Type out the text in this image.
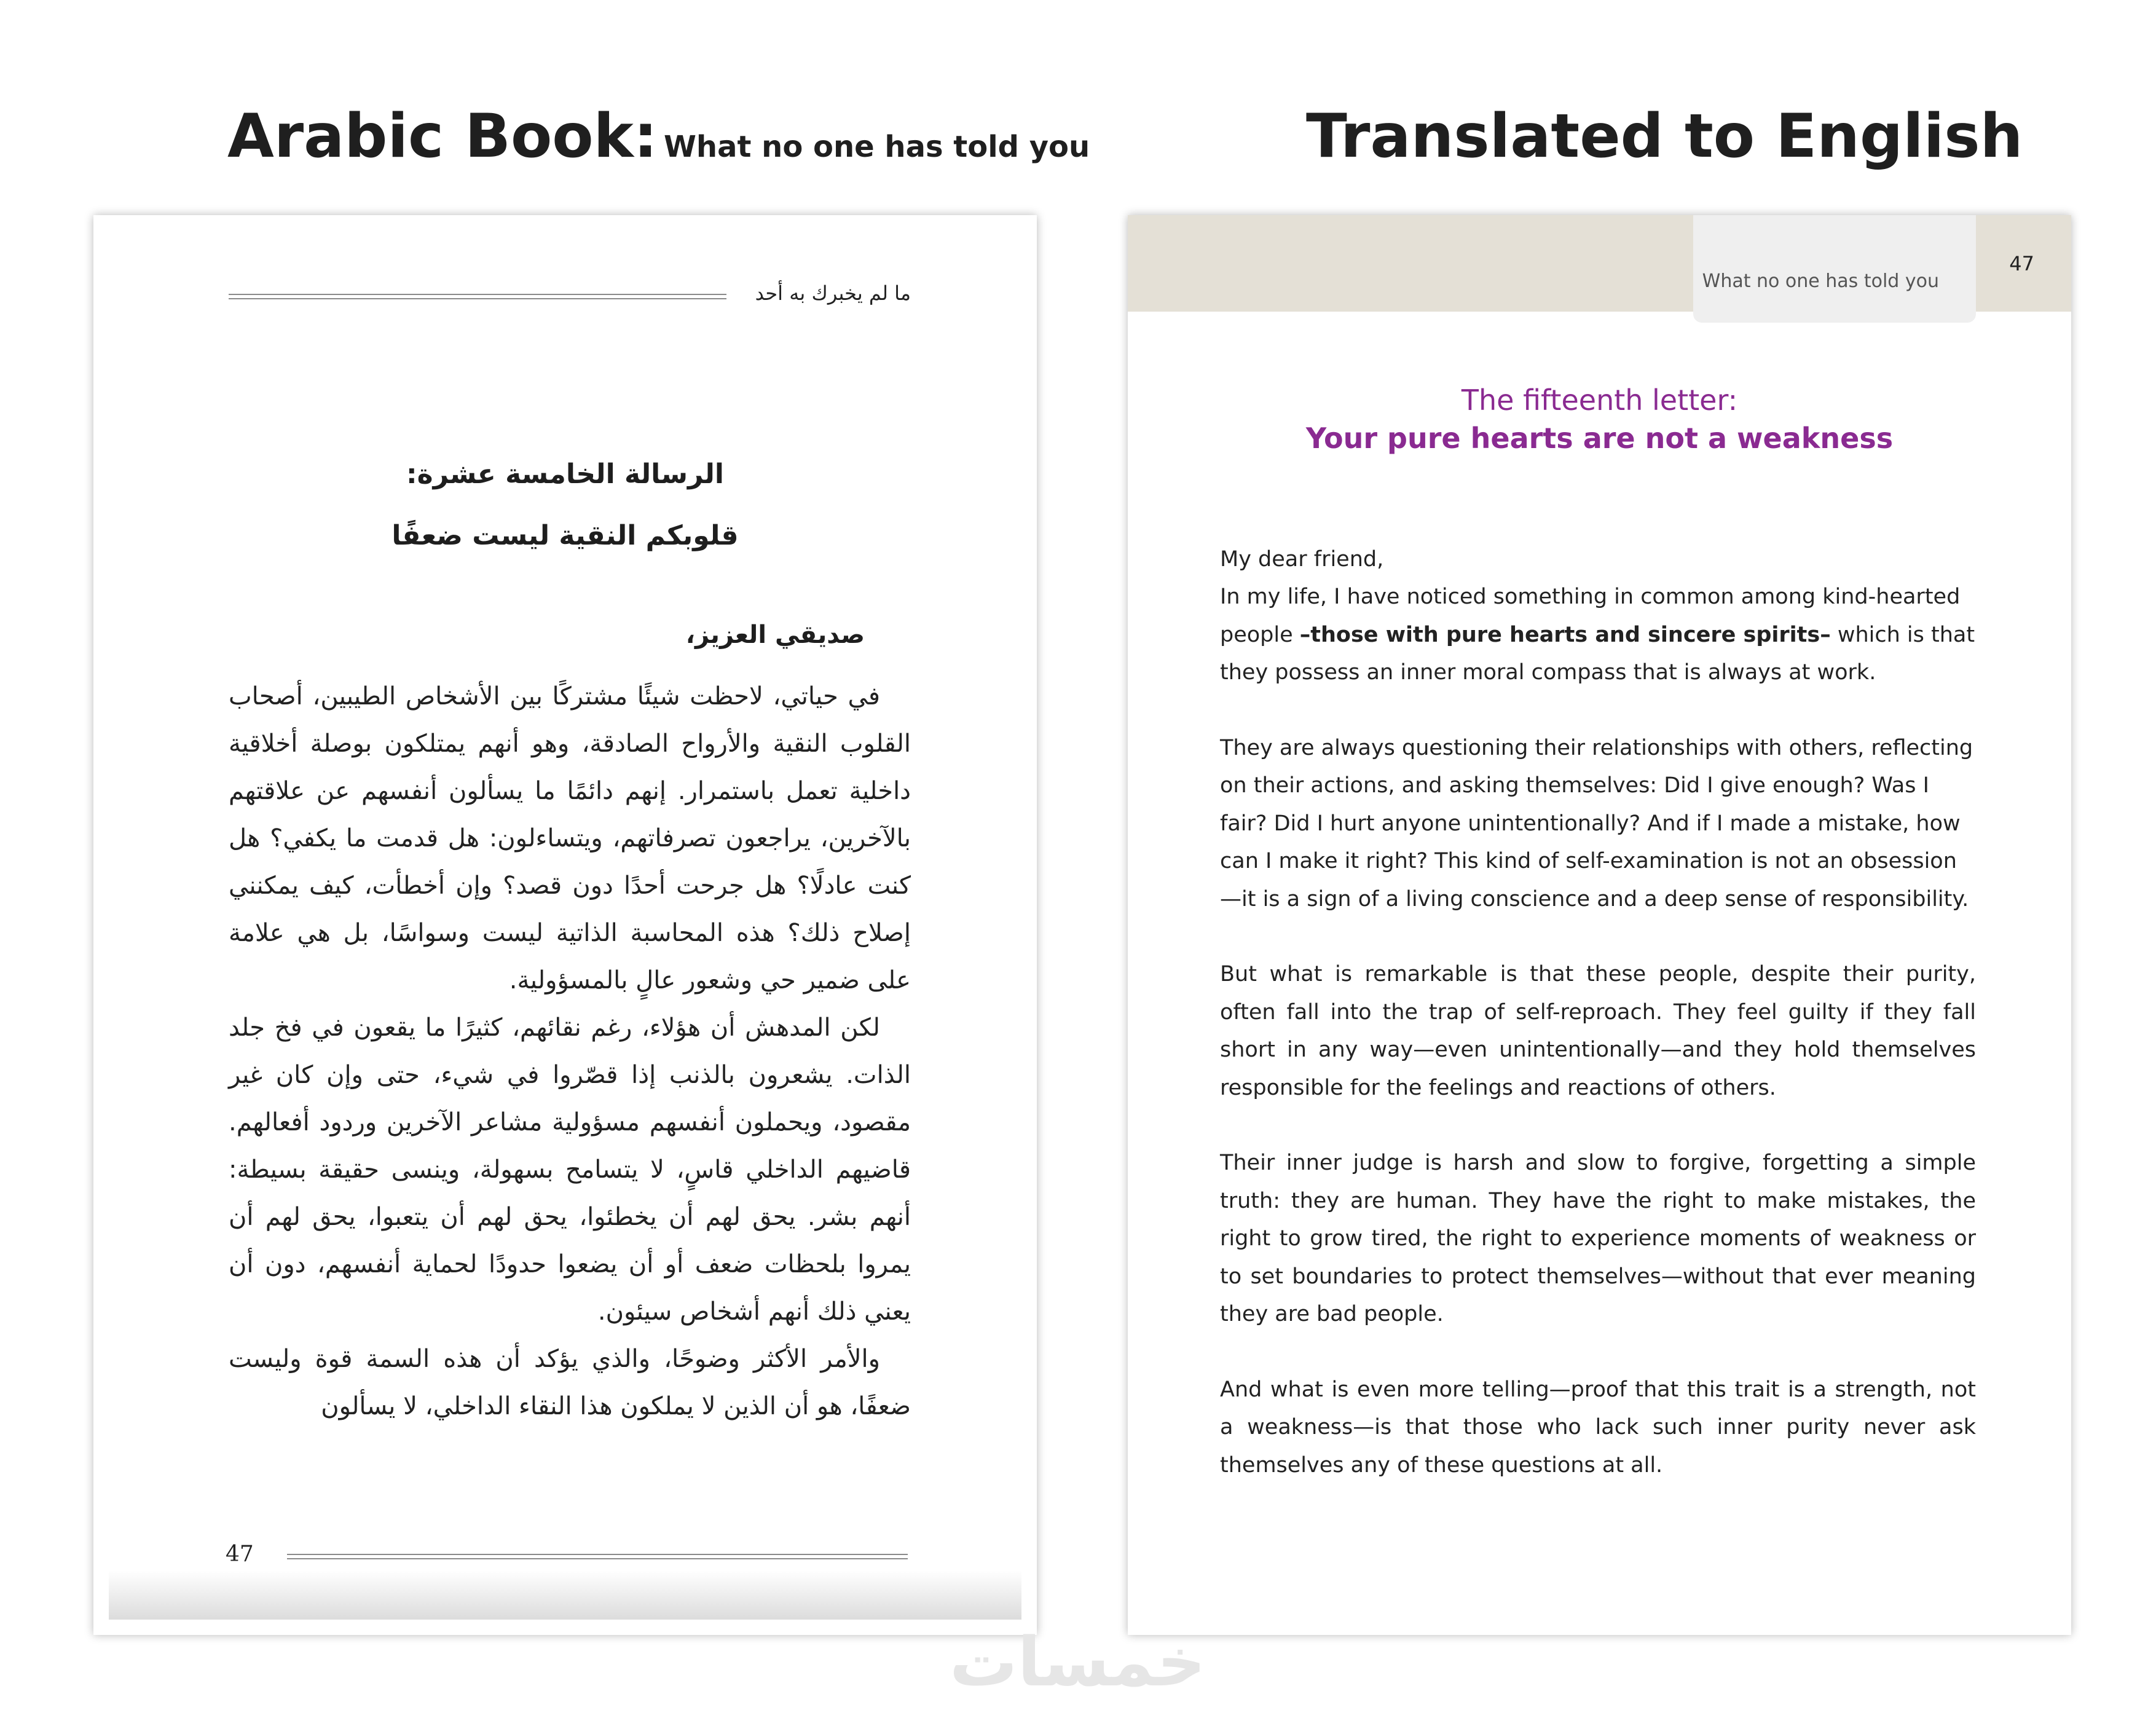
Arabic Book: What no one has told you	Translated to English
ما لم يخبرك به أحد
الرسالة الخامسة عشرة:
قلوبكم النقية ليست ضعفًا
صديقي العزيز،

في حياتي، لاحظت شيئًا مشتركًا بين الأشخاص الطيبين، أصحاب القلوب النقية والأرواح الصادقة، وهو أنهم يمتلكون بوصلة أخلاقية داخلية تعمل باستمرار. إنهم دائمًا ما يسألون أنفسهم عن علاقتهم بالآخرين، يراجعون تصرفاتهم، ويتساءلون: هل قدمت ما يكفي؟ هل كنت عادلًا؟ هل جرحت أحدًا دون قصد؟ وإن أخطأت، كيف يمكنني إصلاح ذلك؟ هذه المحاسبة الذاتية ليست وسواسًا، بل هي علامة على ضمير حي وشعور عالٍ بالمسؤولية.

لكن المدهش أن هؤلاء، رغم نقائهم، كثيرًا ما يقعون في فخ جلد الذات. يشعرون بالذنب إذا قصّروا في شيء، حتى وإن كان غير مقصود، ويحملون أنفسهم مسؤولية مشاعر الآخرين وردود أفعالهم. قاضيهم الداخلي قاسٍ، لا يتسامح بسهولة، وينسى حقيقة بسيطة: أنهم بشر. يحق لهم أن يخطئوا، يحق لهم أن يتعبوا، يحق لهم أن يمروا بلحظات ضعف أو أن يضعوا حدودًا لحماية أنفسهم، دون أن يعني ذلك أنهم أشخاص سيئون.

والأمر الأكثر وضوحًا، والذي يؤكد أن هذه السمة قوة وليست ضعفًا، هو أن الذين لا يملكون هذا النقاء الداخلي، لا يسألون

47
What no one has told you
47
The fifteenth letter:
Your pure hearts are not a weakness

My dear friend,
In my life, I have noticed something in common among kind-hearted people –those with pure hearts and sincere spirits– which is that they possess an inner moral compass that is always at work.

They are always questioning their relationships with others, reflecting on their actions, and asking themselves: Did I give enough? Was I fair? Did I hurt anyone unintentionally? And if I made a mistake, how can I make it right? This kind of self-examination is not an obsession—it is a sign of a living conscience and a deep sense of responsibility.

But what is remarkable is that these people, despite their purity, often fall into the trap of self-reproach. They feel guilty if they fall short in any way—even unintentionally—and they hold themselves responsible for the feelings and reactions of others.

Their inner judge is harsh and slow to forgive, forgetting a simple truth: they are human. They have the right to make mistakes, the right to grow tired, the right to experience moments of weakness or to set boundaries to protect themselves—without that ever meaning they are bad people.

And what is even more telling—proof that this trait is a strength, not a weakness—is that those who lack such inner purity never ask themselves any of these questions at all.

خمسات
